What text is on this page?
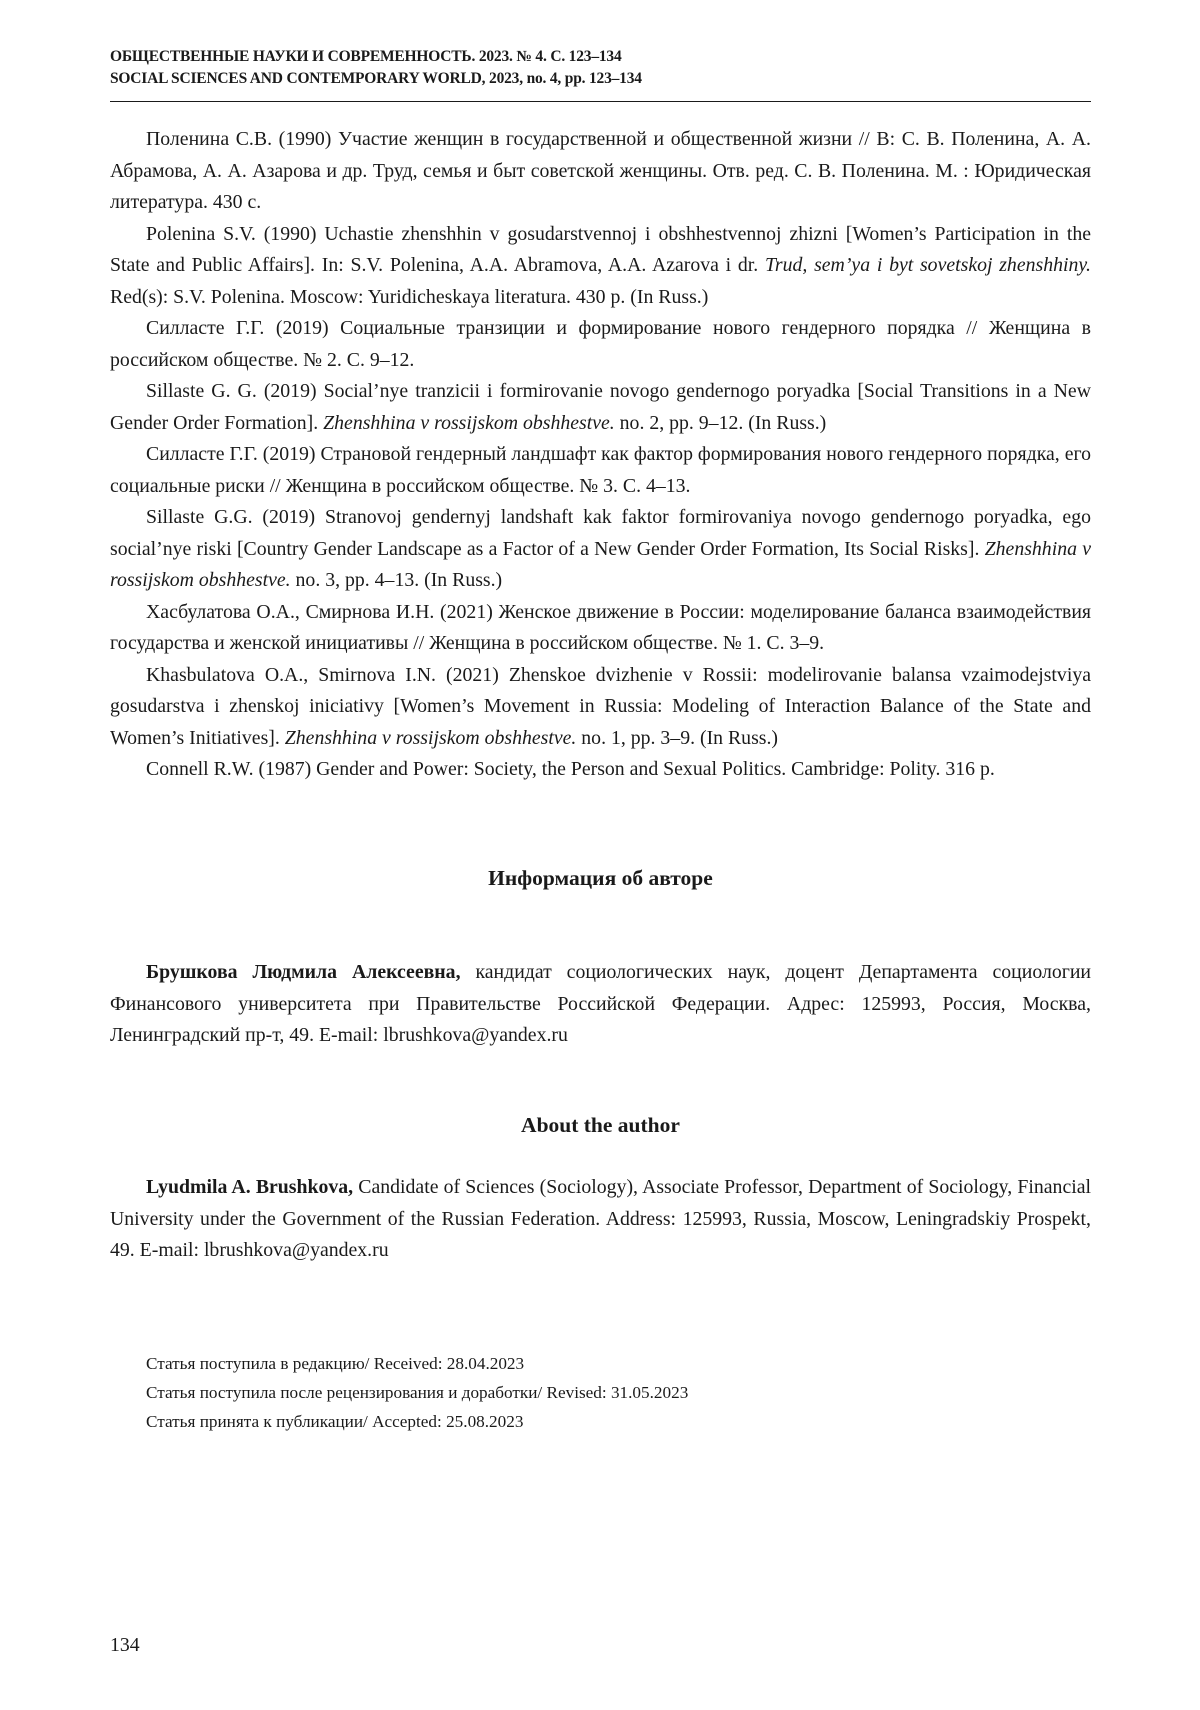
ОБЩЕСТВЕННЫЕ НАУКИ И СОВРЕМЕННОСТЬ. 2023. № 4. С. 123–134
SOCIAL SCIENCES AND CONTEMPORARY WORLD, 2023, no. 4, pp. 123–134

Поленина С.В. (1990) Участие женщин в государственной и общественной жизни // В: С. В. Поленина, А. А. Абрамова, А. А. Азарова и др. Труд, семья и быт советской женщины. Отв. ред. С. В. Поленина. М. : Юридическая литература. 430 с.

Polenina S.V. (1990) Uchastie zhenshhin v gosudarstvennoj i obshhestvennoj zhizni [Women’s Participation in the State and Public Affairs]. In: S.V. Polenina, A.A. Abramova, A.A. Azarova i dr. Trud, sem’ya i byt sovetskoj zhenshhiny. Red(s): S.V. Polenina. Moscow: Yuridicheskaya literatura. 430 p. (In Russ.)

Силласте Г.Г. (2019) Социальные транзиции и формирование нового гендерного порядка // Женщина в российском обществе. № 2. С. 9–12.

Sillaste G. G. (2019) Social’nye tranzicii i formirovanie novogo gendernogo poryadka [Social Transitions in a New Gender Order Formation]. Zhenshhina v rossijskom obshhestve. no. 2, pp. 9–12. (In Russ.)

Силласте Г.Г. (2019) Страновой гендерный ландшафт как фактор формирования нового гендерного порядка, его социальные риски // Женщина в российском обществе. № 3. С. 4–13.

Sillaste G.G. (2019) Stranovoj gendernyj landshaft kak faktor formirovaniya novogo gendernogo poryadka, ego social’nye riski [Country Gender Landscape as a Factor of a New Gender Order Formation, Its Social Risks]. Zhenshhina v rossijskom obshhestve. no. 3, pp. 4–13. (In Russ.)

Хасбулатова О.А., Смирнова И.Н. (2021) Женское движение в России: моделирование баланса взаимодействия государства и женской инициативы // Женщина в российском обществе. № 1. С. 3–9.

Khasbulatova O.A., Smirnova I.N. (2021) Zhenskoe dvizhenie v Rossii: modelirovanie balansa vzaimodejstviya gosudarstva i zhenskoj iniciativy [Women’s Movement in Russia: Modeling of Interaction Balance of the State and Women’s Initiatives]. Zhenshhina v rossijskom obshhestve. no. 1, pp. 3–9. (In Russ.)

Connell R.W. (1987) Gender and Power: Society, the Person and Sexual Politics. Cambridge: Polity. 316 p.

Информация об авторе

Брушкова Людмила Алексеевна, кандидат социологических наук, доцент Департамента социологии Финансового университета при Правительстве Российской Федерации. Адрес: 125993, Россия, Москва, Ленинградский пр-т, 49. E-mail: lbrushkova@yandex.ru

About the author

Lyudmila A. Brushkova, Candidate of Sciences (Sociology), Associate Professor, Department of Sociology, Financial University under the Government of the Russian Federation. Address: 125993, Russia, Moscow, Leningradskiy Prospekt, 49. E-mail: lbrushkova@yandex.ru

Статья поступила в редакцию/ Received: 28.04.2023
Статья поступила после рецензирования и доработки/ Revised: 31.05.2023
Статья принята к публикации/ Accepted: 25.08.2023
134
